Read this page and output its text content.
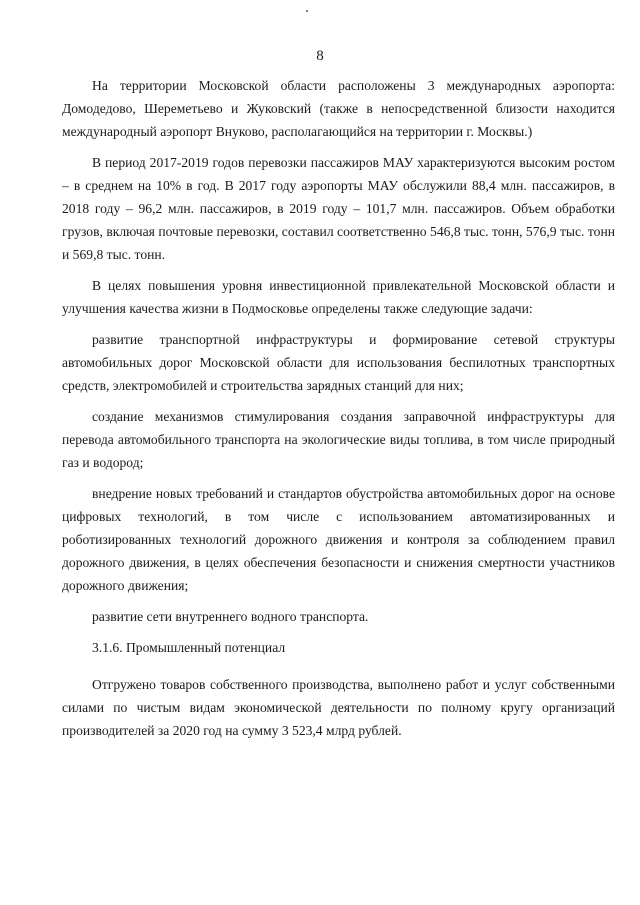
8

На территории Московской области расположены 3 международных аэропорта: Домодедово, Шереметьево и Жуковский (также в непосредственной близости находится международный аэропорт Внуково, располагающийся на территории г. Москвы.)

В период 2017-2019 годов перевозки пассажиров МАУ характеризуются высоким ростом – в среднем на 10% в год. В 2017 году аэропорты МАУ обслужили 88,4 млн. пассажиров, в 2018 году – 96,2 млн. пассажиров, в 2019 году – 101,7 млн. пассажиров. Объем обработки грузов, включая почтовые перевозки, составил соответственно 546,8 тыс. тонн, 576,9 тыс. тонн и 569,8 тыс. тонн.

В целях повышения уровня инвестиционной привлекательной Московской области и улучшения качества жизни в Подмосковье определены также следующие задачи:

развитие транспортной инфраструктуры и формирование сетевой структуры автомобильных дорог Московской области для использования беспилотных транспортных средств, электромобилей и строительства зарядных станций для них;

создание механизмов стимулирования создания заправочной инфраструктуры для перевода автомобильного транспорта на экологические виды топлива, в том числе природный газ и водород;

внедрение новых требований и стандартов обустройства автомобильных дорог на основе цифровых технологий, в том числе с использованием автоматизированных и роботизированных технологий дорожного движения и контроля за соблюдением правил дорожного движения, в целях обеспечения безопасности и снижения смертности участников дорожного движения;

развитие сети внутреннего водного транспорта.

3.1.6. Промышленный потенциал

Отгружено товаров собственного производства, выполнено работ и услуг собственными силами по чистым видам экономической деятельности по полному кругу организаций производителей за 2020 год на сумму 3 523,4 млрд рублей.
